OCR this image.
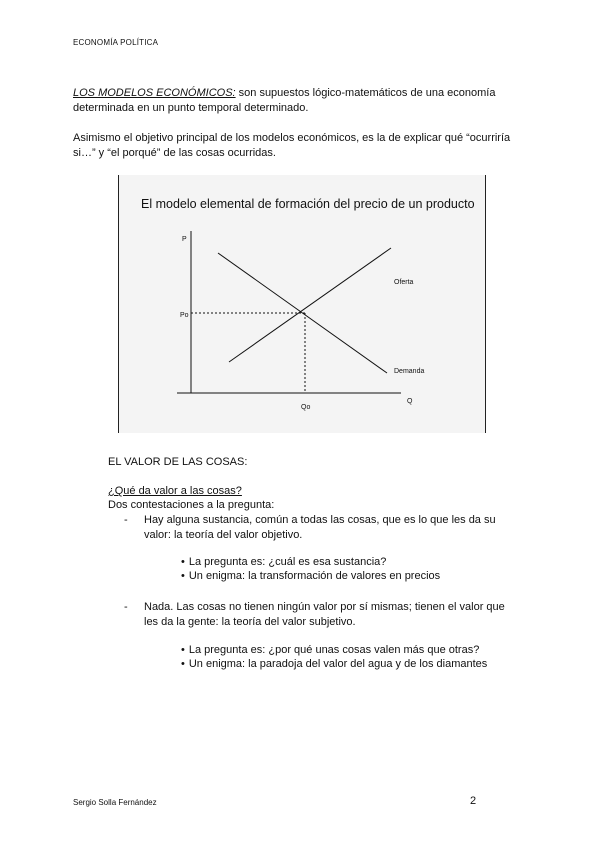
ECONOMÍA POLÍTICA
LOS MODELOS ECONÓMICOS: son supuestos lógico-matemáticos de una economía determinada en un punto temporal determinado.
Asimismo el objetivo principal de los modelos económicos, es la de explicar qué “ocurriría si…” y “el porqué” de las cosas ocurridas.
El modelo elemental de formación del precio de un producto
P
Q
Po
Qo
Oferta
Demanda
EL VALOR DE LAS COSAS:
¿Qué da valor a las cosas?
Dos contestaciones a la pregunta:
- Hay alguna sustancia, común a todas las cosas, que es lo que les da su valor: la teoría del valor objetivo.
• La pregunta es: ¿cuál es esa sustancia?
• Un enigma: la transformación de valores en precios
- Nada. Las cosas no tienen ningún valor por sí mismas; tienen el valor que les da la gente: la teoría del valor subjetivo.
• La pregunta es: ¿por qué unas cosas valen más que otras?
• Un enigma: la paradoja del valor del agua y de los diamantes
Sergio Solla Fernández	2
